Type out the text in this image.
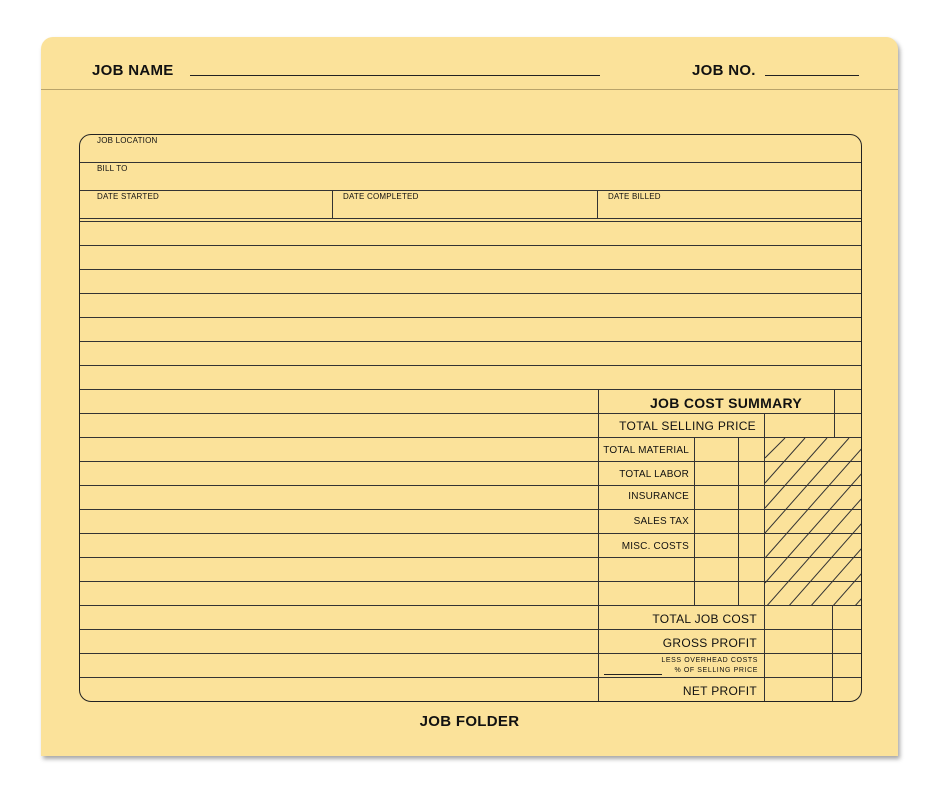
JOB NAME	JOB NO.
JOB LOCATION
BILL TO
DATE STARTED	DATE COMPLETED	DATE BILLED
JOB COST SUMMARY
TOTAL SELLING PRICE
TOTAL MATERIAL
TOTAL LABOR
INSURANCE
SALES TAX
MISC. COSTS
TOTAL JOB COST
GROSS PROFIT
LESS OVERHEAD COSTS
% OF SELLING PRICE
NET PROFIT
JOB FOLDER
